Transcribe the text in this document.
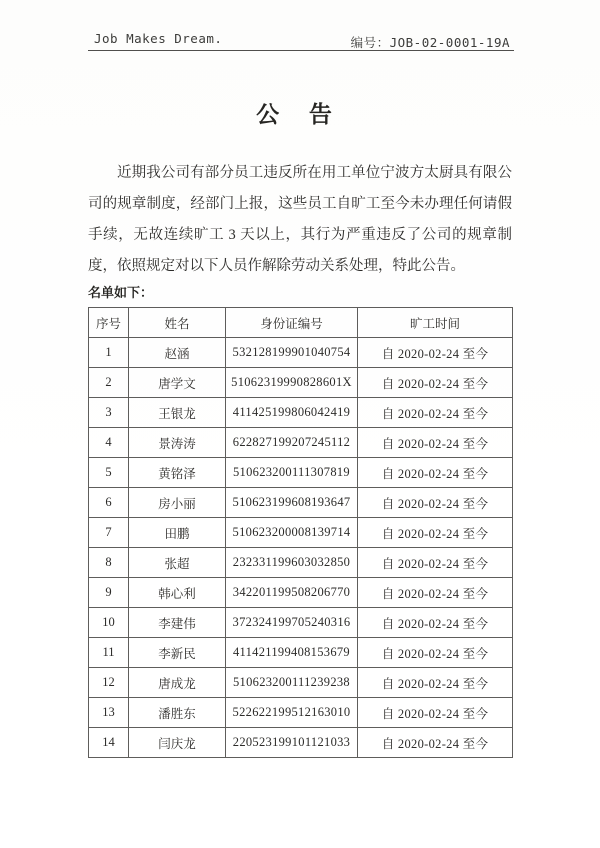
Job Makes Dream.	编号：JOB-02-0001-19A
公 告
近期我公司有部分员工违反所在用工单位宁波方太厨具有限公司的规章制度，经部门上报，这些员工自旷工至今未办理任何请假手续，无故连续旷工 3 天以上，其行为严重违反了公司的规章制度，依照规定对以下人员作解除劳动关系处理，特此公告。
名单如下：
序号	姓名	身份证编号	旷工时间
1	赵涵	532128199901040754	自 2020-02-24 至今
2	唐学文	51062319990828601X	自 2020-02-24 至今
3	王银龙	411425199806042419	自 2020-02-24 至今
4	景涛涛	622827199207245112	自 2020-02-24 至今
5	黄铭泽	510623200111307819	自 2020-02-24 至今
6	房小丽	510623199608193647	自 2020-02-24 至今
7	田鹏	510623200008139714	自 2020-02-24 至今
8	张超	232331199603032850	自 2020-02-24 至今
9	韩心利	342201199508206770	自 2020-02-24 至今
10	李建伟	372324199705240316	自 2020-02-24 至今
11	李新民	411421199408153679	自 2020-02-24 至今
12	唐成龙	510623200111239238	自 2020-02-24 至今
13	潘胜东	522622199512163010	自 2020-02-24 至今
14	闫庆龙	220523199101121033	自 2020-02-24 至今
